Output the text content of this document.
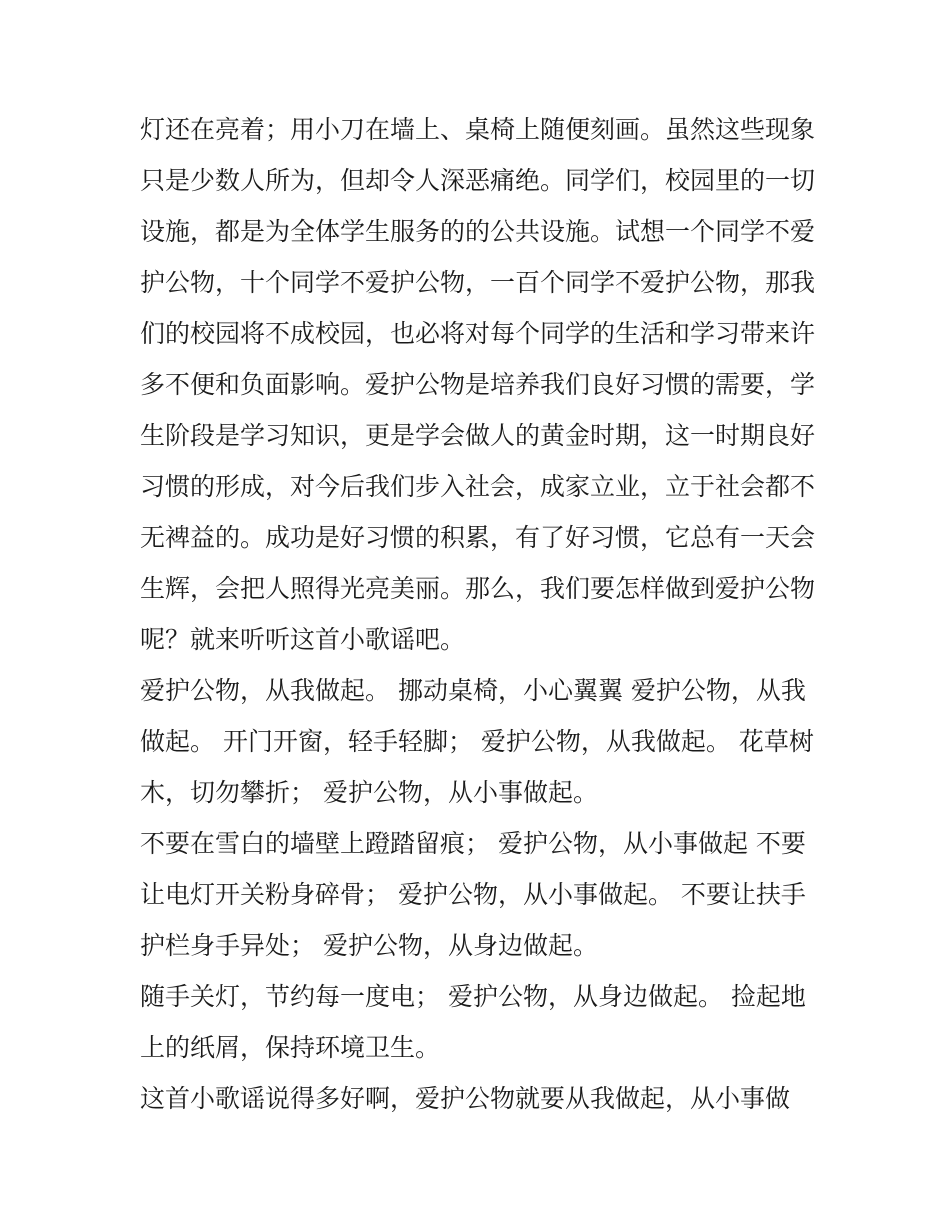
灯还在亮着；用小刀在墙上、桌椅上随便刻画。虽然这些现象
只是少数人所为，但却令人深恶痛绝。同学们，校园里的一切
设施，都是为全体学生服务的的公共设施。试想一个同学不爱
护公物，十个同学不爱护公物，一百个同学不爱护公物，那我
们的校园将不成校园，也必将对每个同学的生活和学习带来许
多不便和负面影响。爱护公物是培养我们良好习惯的需要，学
生阶段是学习知识，更是学会做人的黄金时期，这一时期良好
习惯的形成，对今后我们步入社会，成家立业，立于社会都不
无裨益的。成功是好习惯的积累，有了好习惯，它总有一天会
生辉，会把人照得光亮美丽。那么，我们要怎样做到爱护公物
呢？就来听听这首小歌谣吧。
爱护公物，从我做起。 挪动桌椅，小心翼翼 爱护公物，从我
做起。 开门开窗，轻手轻脚； 爱护公物，从我做起。 花草树
木，切勿攀折； 爱护公物，从小事做起。
不要在雪白的墙壁上蹬踏留痕； 爱护公物，从小事做起 不要
让电灯开关粉身碎骨； 爱护公物，从小事做起。 不要让扶手
护栏身手异处； 爱护公物，从身边做起。
随手关灯，节约每一度电； 爱护公物，从身边做起。 捡起地
上的纸屑，保持环境卫生。
这首小歌谣说得多好啊，爱护公物就要从我做起，从小事做
